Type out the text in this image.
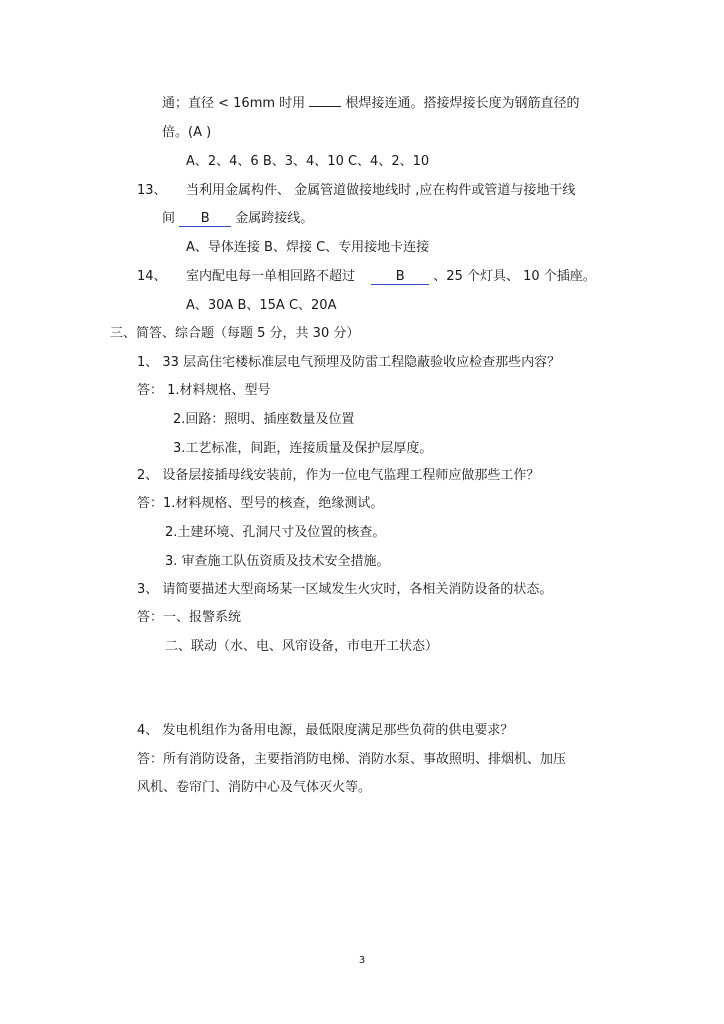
通；直径 < 16mm 时用	根焊接连通。搭接焊接长度为钢筋直径的
倍。(A )
A、2、4、6 B、3、4、10 C、4、2、10
13、 当利用金属构件、 金属管道做接地线时 ,应在构件或管道与接地干线
间 B 金属跨接线。
A、导体连接 B、焊接 C、专用接地卡连接
14、 室内配电每一单相回路不超过	B 、25 个灯具、 10 个插座。
A、30A B、15A C、20A
三、简答、综合题（每题 5 分，共 30 分）
1、 33 层高住宅楼标准层电气预埋及防雷工程隐蔽验收应检查那些内容？
答： 1.材料规格、型号
2.回路：照明、插座数量及位置
3.工艺标准，间距，连接质量及保护层厚度。
2、 设备层接插母线安装前，作为一位电气监理工程师应做那些工作？
答：1.材料规格、型号的核查，绝缘测试。
2.土建环境、孔洞尺寸及位置的核查。
3. 审查施工队伍资质及技术安全措施。
3、 请简要描述大型商场某一区域发生火灾时，各相关消防设备的状态。
答：一、报警系统
二、联动（水、电、风帘设备，市电开工状态）
4、 发电机组作为备用电源，最低限度满足那些负荷的供电要求？
答：所有消防设备，主要指消防电梯、消防水泵、事故照明、排烟机、加压
风机、卷帘门、消防中心及气体灭火等。
3
